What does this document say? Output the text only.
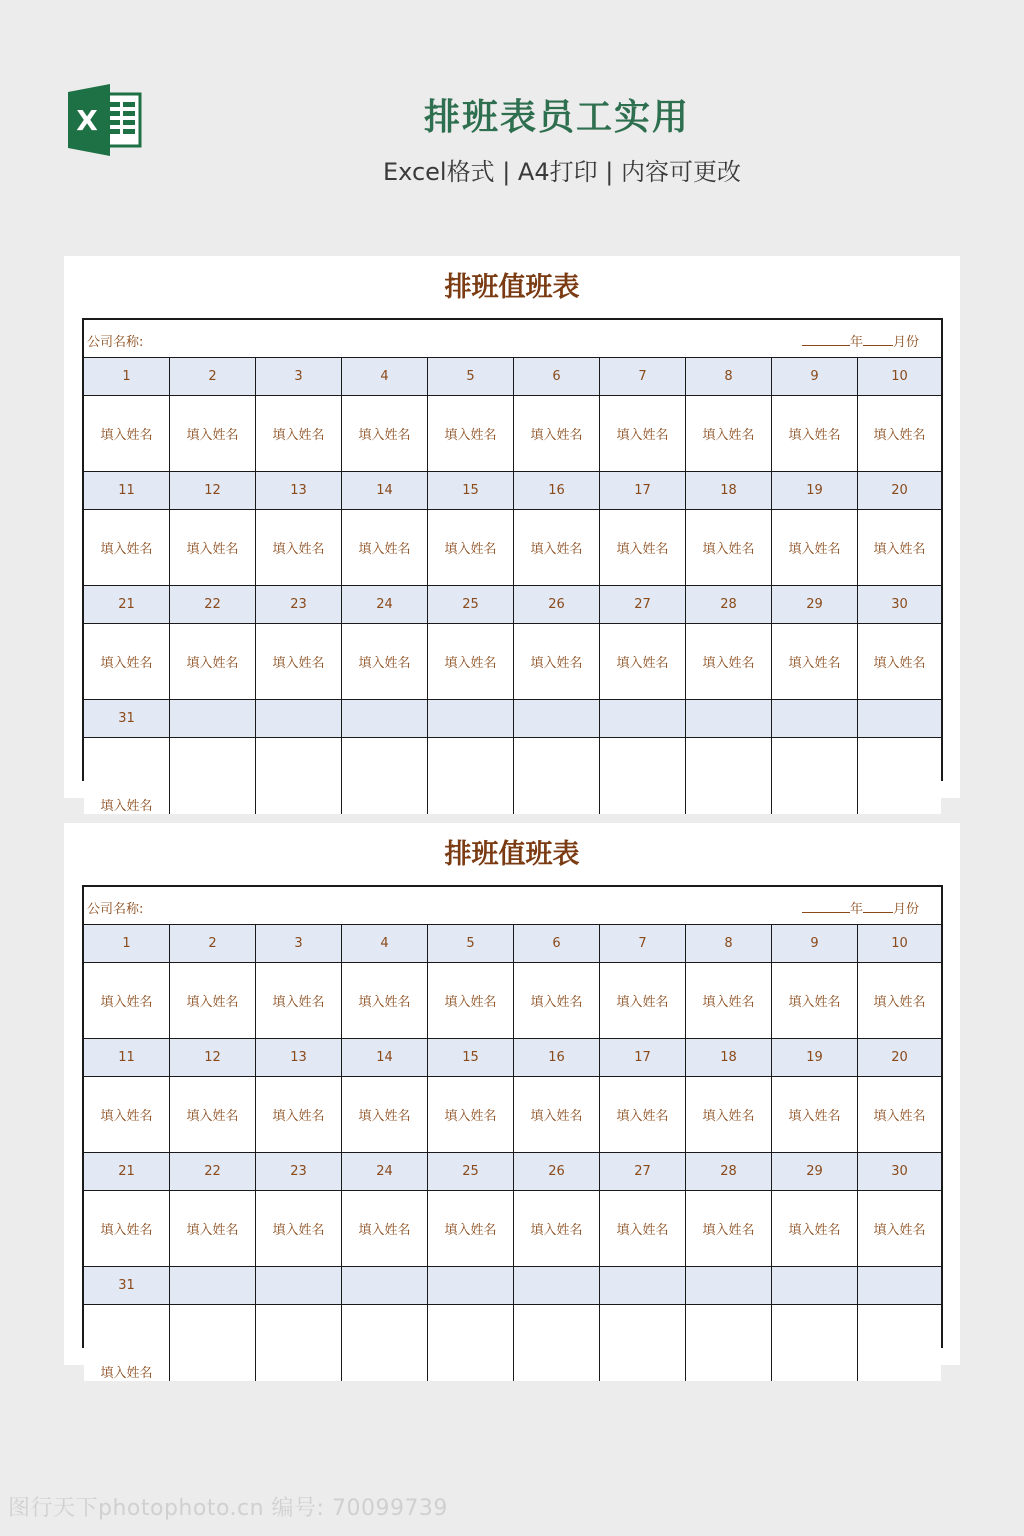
X	排班表员工实用
Excel格式 | A4打印 | 内容可更改
排班值班表
公司名称:	年 月份
1	2	3	4	5	6	7	8	9	10
填入姓名	填入姓名	填入姓名	填入姓名	填入姓名	填入姓名	填入姓名	填入姓名	填入姓名	填入姓名
11	12	13	14	15	16	17	18	19	20
填入姓名	填入姓名	填入姓名	填入姓名	填入姓名	填入姓名	填入姓名	填入姓名	填入姓名	填入姓名
21	22	23	24	25	26	27	28	29	30
填入姓名	填入姓名	填入姓名	填入姓名	填入姓名	填入姓名	填入姓名	填入姓名	填入姓名	填入姓名
31
填入姓名
排班值班表
公司名称:	年 月份
1	2	3	4	5	6	7	8	9	10
填入姓名	填入姓名	填入姓名	填入姓名	填入姓名	填入姓名	填入姓名	填入姓名	填入姓名	填入姓名
11	12	13	14	15	16	17	18	19	20
填入姓名	填入姓名	填入姓名	填入姓名	填入姓名	填入姓名	填入姓名	填入姓名	填入姓名	填入姓名
21	22	23	24	25	26	27	28	29	30
填入姓名	填入姓名	填入姓名	填入姓名	填入姓名	填入姓名	填入姓名	填入姓名	填入姓名	填入姓名
31
填入姓名
图行天下photophoto.cn 编号: 70099739
